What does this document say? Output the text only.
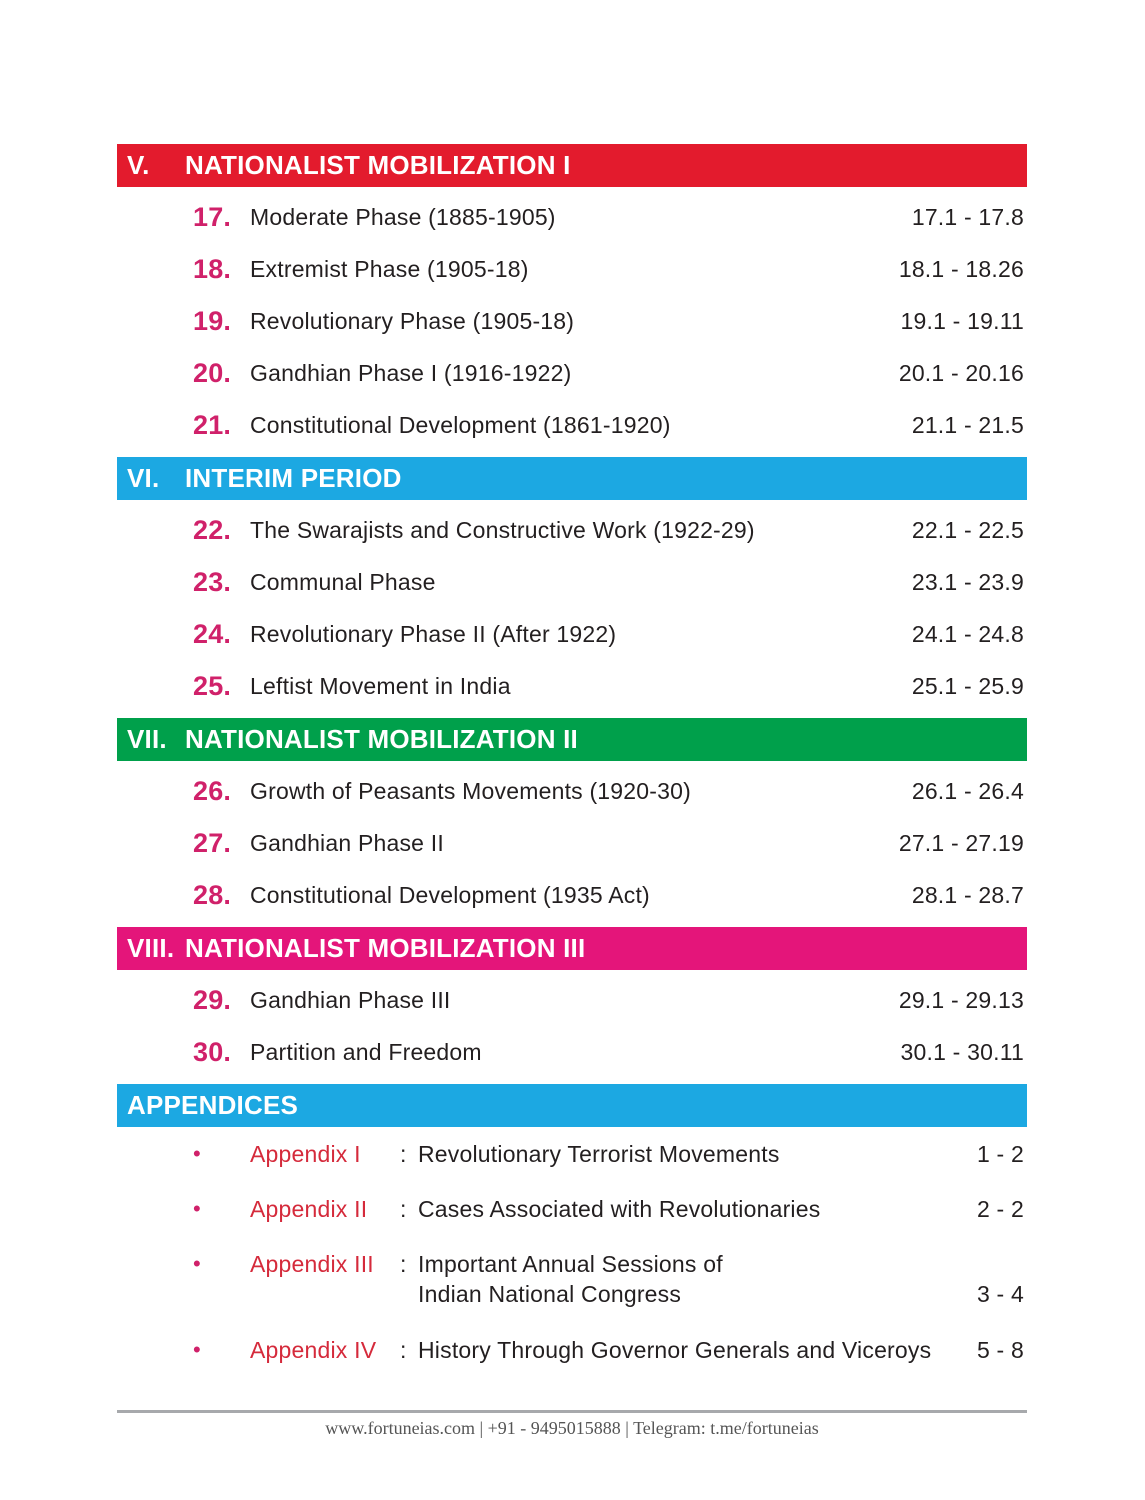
V.	NATIONALIST MOBILIZATION I
17. Moderate Phase (1885-1905)	17.1 - 17.8
18. Extremist Phase (1905-18)	18.1 - 18.26
19. Revolutionary Phase (1905-18)	19.1 - 19.11
20. Gandhian Phase I (1916-1922)	20.1 - 20.16
21. Constitutional Development (1861-1920)	21.1 - 21.5
VI. INTERIM PERIOD
22. The Swarajists and Constructive Work (1922-29)	22.1 - 22.5
23. Communal Phase	23.1 - 23.9
24. Revolutionary Phase II (After 1922)	24.1 - 24.8
25. Leftist Movement in India	25.1 - 25.9
VII. NATIONALIST MOBILIZATION II
26. Growth of Peasants Movements (1920-30)	26.1 - 26.4
27. Gandhian Phase II	27.1 - 27.19
28. Constitutional Development (1935 Act)	28.1 - 28.7
VIII. NATIONALIST MOBILIZATION III
29. Gandhian Phase III	29.1 - 29.13
30. Partition and Freedom	30.1 - 30.11
APPENDICES
•	Appendix I	: Revolutionary Terrorist Movements	1 - 2
•	Appendix II	: Cases Associated with Revolutionaries	2 - 2
•	Appendix III	: Important Annual Sessions of
Indian National Congress	3 - 4
•	Appendix IV	: History Through Governor Generals and Viceroys	5 - 8
www.fortuneias.com | +91 - 9495015888 | Telegram: t.me/fortuneias
